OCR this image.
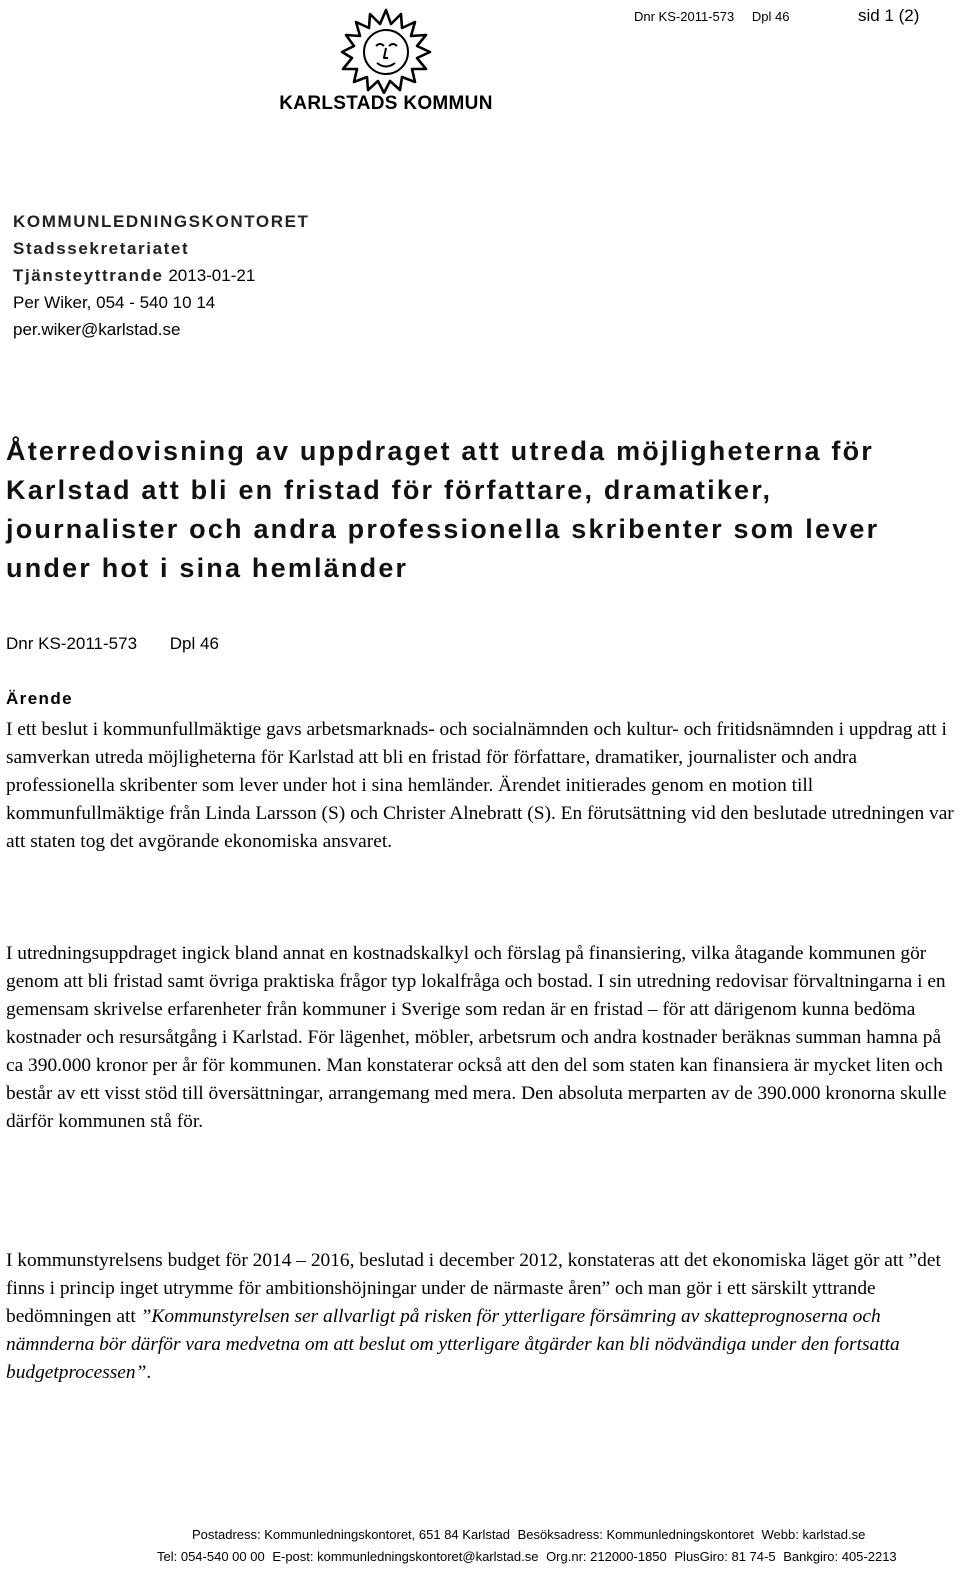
Dnr KS-2011-573 Dpl 46	sid 1 (2)
KARLSTADS KOMMUN
KOMMUNLEDNINGSKONTORET
Stadssekretariatet
Tjänsteyttrande 2013-01-21
Per Wiker, 054 - 540 10 14
per.wiker@karlstad.se
Återredovisning av uppdraget att utreda möjligheterna för Karlstad att bli en fristad för författare, dramatiker, journalister och andra professionella skribenter som lever under hot i sina hemländer
Dnr KS-2011-573 Dpl 46
Ärende

I ett beslut i kommunfullmäktige gavs arbetsmarknads- och socialnämnden och kultur- och fritidsnämnden i uppdrag att i samverkan utreda möjligheterna för Karlstad att bli en fristad för författare, dramatiker, journalister och andra professionella skribenter som lever under hot i sina hemländer. Ärendet initierades genom en motion till kommunfullmäktige från Linda Larsson (S) och Christer Alnebratt (S). En förutsättning vid den beslutade utredningen var att staten tog det avgörande ekonomiska ansvaret.

I utredningsuppdraget ingick bland annat en kostnadskalkyl och förslag på finansiering, vilka åtagande kommunen gör genom att bli fristad samt övriga praktiska frågor typ lokalfråga och bostad. I sin utredning redovisar förvaltningarna i en gemensam skrivelse erfarenheter från kommuner i Sverige som redan är en fristad – för att därigenom kunna bedöma kostnader och resursåtgång i Karlstad. För lägenhet, möbler, arbetsrum och andra kostnader beräknas summan hamna på ca 390.000 kronor per år för kommunen. Man konstaterar också att den del som staten kan finansiera är mycket liten och består av ett visst stöd till översättningar, arrangemang med mera. Den absoluta merparten av de 390.000 kronorna skulle därför kommunen stå för.

I kommunstyrelsens budget för 2014 – 2016, beslutad i december 2012, konstateras att det ekonomiska läget gör att ”det finns i princip inget utrymme för ambitionshöjningar under de närmaste åren” och man gör i ett särskilt yttrande bedömningen att ”Kommunstyrelsen ser allvarligt på risken för ytterligare försämring av skatteprognoserna och nämnderna bör därför vara medvetna om att beslut om ytterligare åtgärder kan bli nödvändiga under den fortsatta budgetprocessen”.

Postadress: Kommunledningskontoret, 651 84 Karlstad Besöksadress: Kommunledningskontoret Webb: karlstad.se
Tel: 054-540 00 00 E-post: kommunledningskontoret@karlstad.se Org.nr: 212000-1850 PlusGiro: 81 74-5 Bankgiro: 405-2213
